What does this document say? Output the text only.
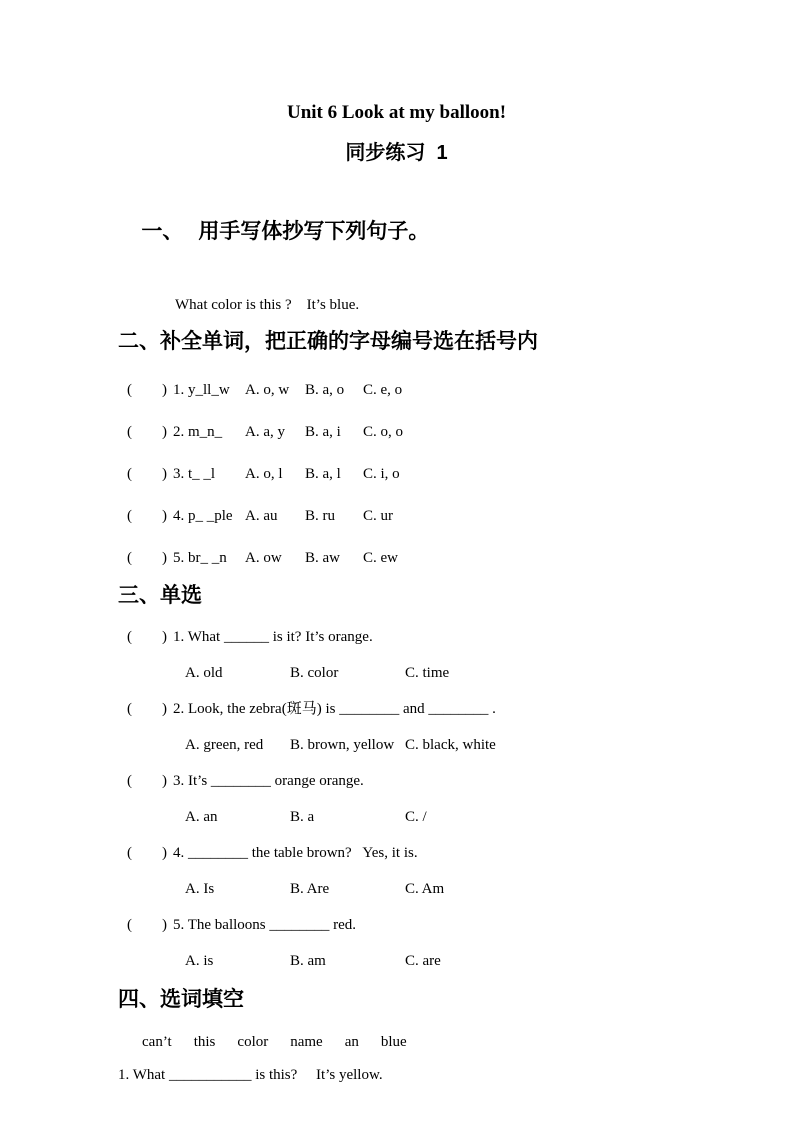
Unit 6 Look at my balloon!
同步练习  1

一、 用手写体抄写下列句子。

What color is this ?    It’s blue.
二、补全单词，把正确的字母编号选在括号内
(        ) 1. y_ll_w	A. o, w	B. a, o	C. e, o
(        ) 2. m_n_	A. a, y	B. a, i	C. o, o
(        ) 3. t_ _l	A. o, l	B. a, l	C. i, o
(        ) 4. p_ _ple A. au	B. ru	C. ur
(        ) 5. br_ _n	A. ow	B. aw	C. ew
三、单选
(        ) 1. What ______ is it? It’s orange.
A. old	B. color	C. time
(        ) 2. Look, the zebra(斑马) is ________ and ________ .
A. green, red	B. brown, yellow C. black, white
(        ) 3. It’s ________ orange orange.
A. an	B. a	C. /
(        ) 4. ________ the table brown?   Yes, it is.
A. Is	B. Are	C. Am
(        ) 5. The balloons ________ red.
A. is	B. am	C. are
四、选词填空
can’t this color name an blue
1. What ___________ is this?     It’s yellow.
